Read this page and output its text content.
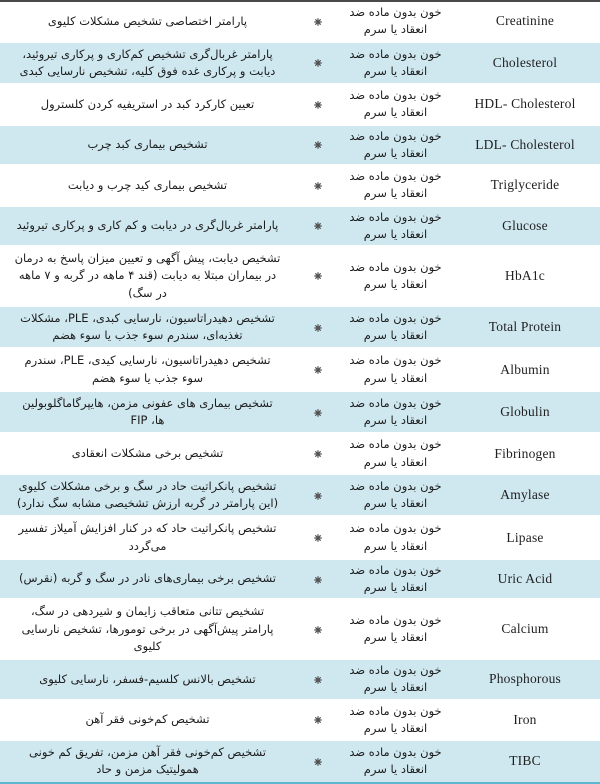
پارامتر اختصاصی تشخیص مشکلات کلیوی		خون بدون ماده ضد
انعقاد یا سرم	Creatinine
پارامتر غربال‌گری تشخیص کم‌کاری و پرکاری تیروئید، دیابت و پرکاری غده فوق کلیه، تشخیص نارسایی کبدی		خون بدون ماده ضد
انعقاد یا سرم	Cholesterol
تعیین کارکرد کبد در استریفیه کردن کلسترول		خون بدون ماده ضد
انعقاد یا سرم	HDL- Cholesterol
تشخیص بیماری کبد چرب		خون بدون ماده ضد
انعقاد یا سرم	LDL- Cholesterol
تشخیص بیماری کید چرب و دیابت		خون بدون ماده ضد
انعقاد یا سرم	Triglyceride
پارامتر غربال‌گری در دیابت و کم کاری و پرکاری تیروئید		خون بدون ماده ضد
انعقاد یا سرم	Glucose
تشخیص دیابت، پیش آگهی و تعیین میزان پاسخ به درمان در بیماران مبتلا به دیابت (قند ۴ ماهه در گربه و ۷ ماهه در سگ)		خون بدون ماده ضد
انعقاد یا سرم	HbA1c
تشخیص دهیدراتاسیون، نارسایی کبدی، PLE، مشکلات تغذیه‌ای، سندرم سوء جذب یا سوء هضم		خون بدون ماده ضد
انعقاد یا سرم	Total Protein
تشخیص دهیدراتاسیون، نارسایی کیدی، PLE، سندرم سوء جذب یا سوء هضم		خون بدون ماده ضد
انعقاد یا سرم	Albumin
تشخیص بیماری های عفونی مزمن، هایپرگاماگلوبولین ها، FIP		خون بدون ماده ضد
انعقاد یا سرم	Globulin
تشخیص برخی مشکلات انعقادی		خون بدون ماده ضد
انعقاد یا سرم	Fibrinogen
تشخیص پانکراتیت حاد در سگ و برخی مشکلات کلیوی (این پارامتر در گربه ارزش تشخیصی مشابه سگ ندارد)		خون بدون ماده ضد
انعقاد یا سرم	Amylase
تشخیص پانکراتیت حاد که در کنار افزایش آمیلاز تفسیر می‌گردد		خون بدون ماده ضد
انعقاد یا سرم	Lipase
تشخیص برخی بیماری‌های نادر در سگ و گربه (نقرس)		خون بدون ماده ضد
انعقاد یا سرم	Uric Acid
تشخیص تتانی متعاقب زایمان و شیردهی در سگ، پارامتر پیش‌آگهی در برخی تومورها، تشخیص نارسایی کلیوی		خون بدون ماده ضد
انعقاد یا سرم	Calcium
تشخیص بالانس کلسیم-فسفر، نارسایی کلیوی		خون بدون ماده ضد
انعقاد یا سرم	Phosphorous
تشخیص کم‌خونی فقر آهن		خون بدون ماده ضد
انعقاد یا سرم	Iron
تشخیص کم‌خونی فقر آهن مزمن، تفریق کم خونی همولیتیک مزمن و حاد		خون بدون ماده ضد
انعقاد یا سرم	TIBC
